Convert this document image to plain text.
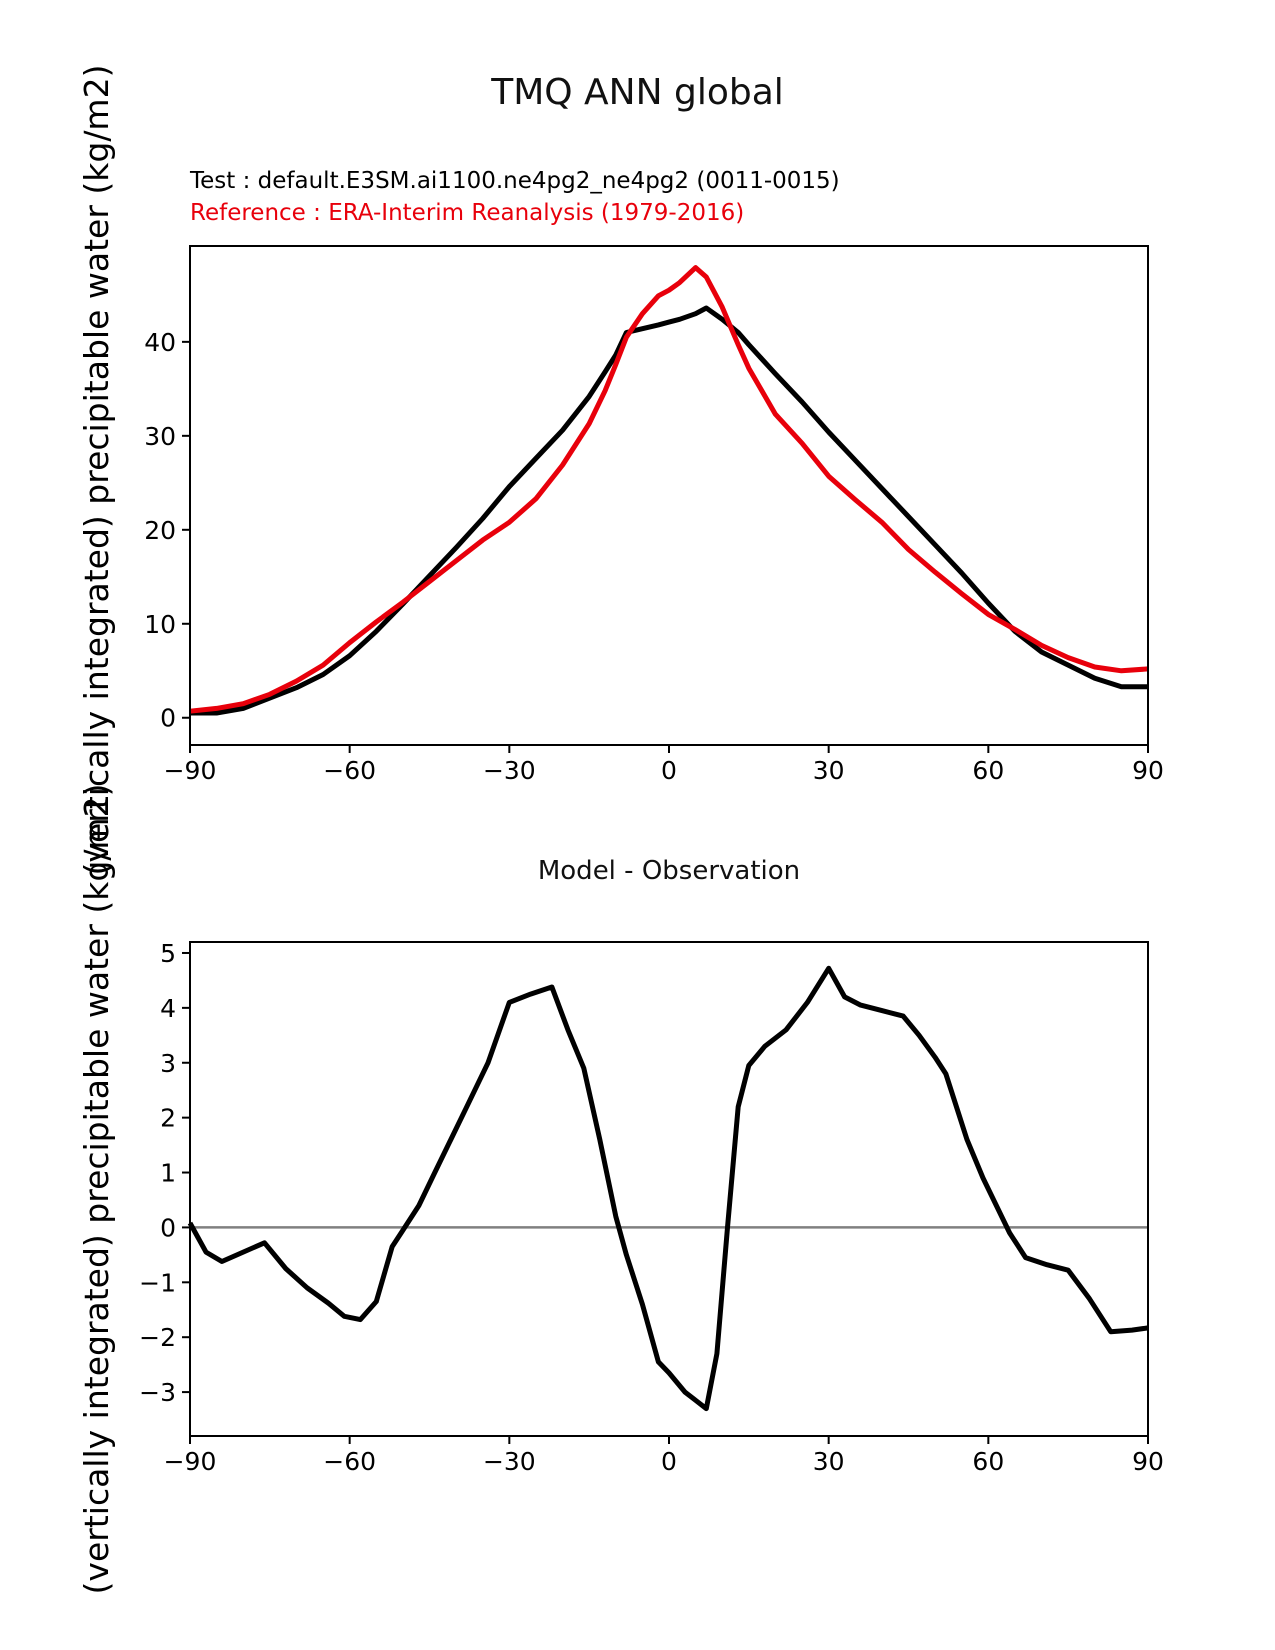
TMQ ANN global
Test : default.E3SM.ai1100.ne4pg2_ne4pg2 (0011-0015)
Reference : ERA-Interim Reanalysis (1979-2016)
Model - Observation
(vertically integrated) precipitable water (kg/m2)
(vertically integrated) precipitable water (kg/m2)
−90	−60	−30	0	30	60	90
0
10
20
30
40
−90	−60	−30	0	30	60	90
5
4
3
2
1
0
−1
−2
−3
